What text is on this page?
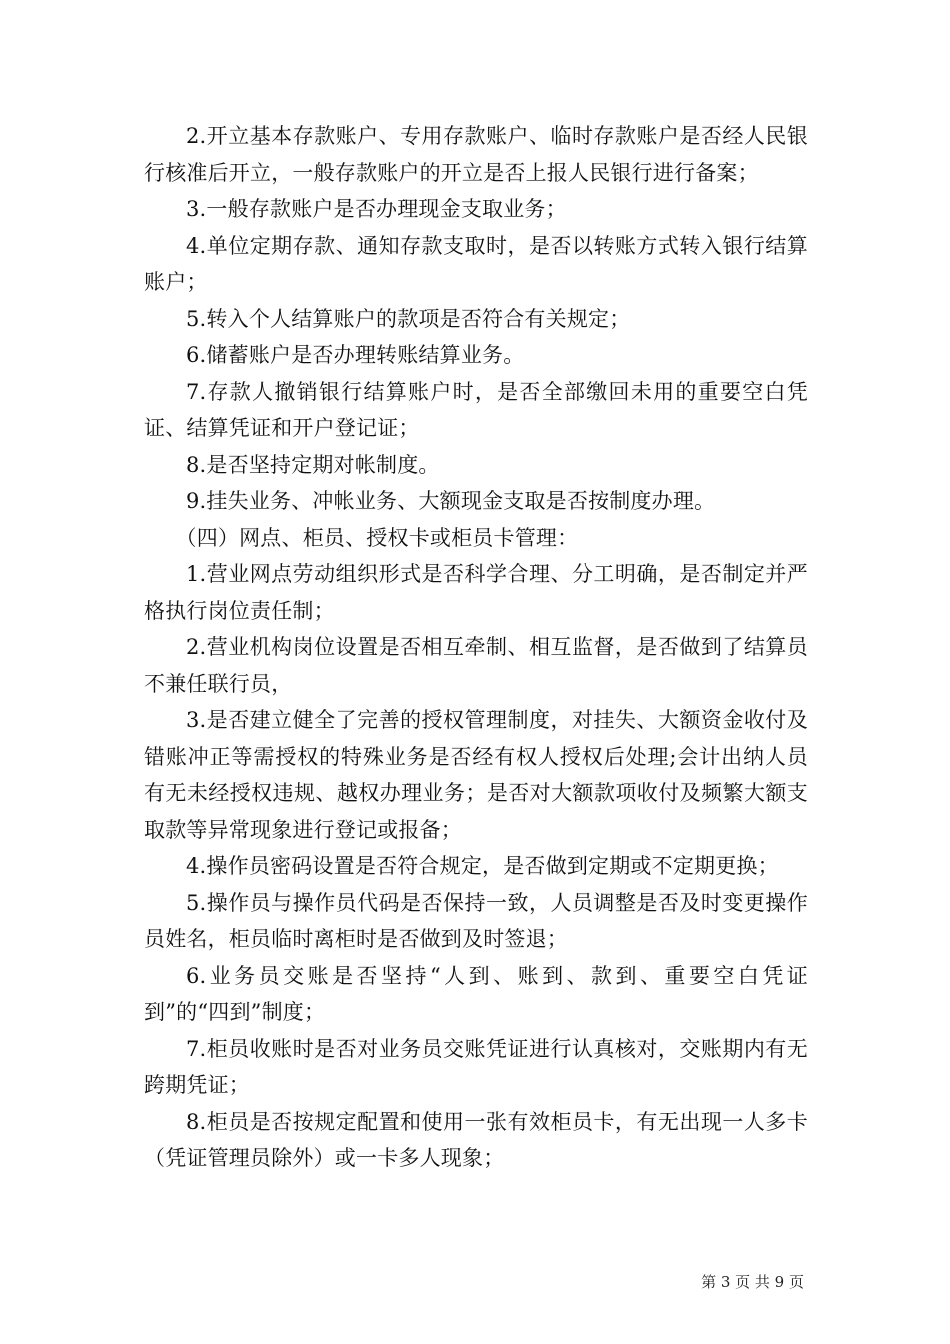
2.开立基本存款账户、专用存款账户、临时存款账户是否经人民银行核准后开立，一般存款账户的开立是否上报人民银行进行备案；

3.一般存款账户是否办理现金支取业务；

4.单位定期存款、通知存款支取时，是否以转账方式转入银行结算账户；

5.转入个人结算账户的款项是否符合有关规定；

6.储蓄账户是否办理转账结算业务。

7.存款人撤销银行结算账户时，是否全部缴回未用的重要空白凭证、结算凭证和开户登记证；

8.是否坚持定期对帐制度。

9.挂失业务、冲帐业务、大额现金支取是否按制度办理。

（四）网点、柜员、授权卡或柜员卡管理：

1.营业网点劳动组织形式是否科学合理、分工明确，是否制定并严格执行岗位责任制；

2.营业机构岗位设置是否相互牵制、相互监督，是否做到了结算员不兼任联行员，

3.是否建立健全了完善的授权管理制度，对挂失、大额资金收付及错账冲正等需授权的特殊业务是否经有权人授权后处理;会计出纳人员有无未经授权违规、越权办理业务；是否对大额款项收付及频繁大额支取款等异常现象进行登记或报备；

4.操作员密码设置是否符合规定，是否做到定期或不定期更换；

5.操作员与操作员代码是否保持一致，人员调整是否及时变更操作员姓名，柜员临时离柜时是否做到及时签退；

6.业务员交账是否坚持“人到、账到、款到、重要空白凭证到”的“四到”制度；

7.柜员收账时是否对业务员交账凭证进行认真核对，交账期内有无跨期凭证；

8.柜员是否按规定配置和使用一张有效柜员卡，有无出现一人多卡（凭证管理员除外）或一卡多人现象；

第 3 页 共 9 页
